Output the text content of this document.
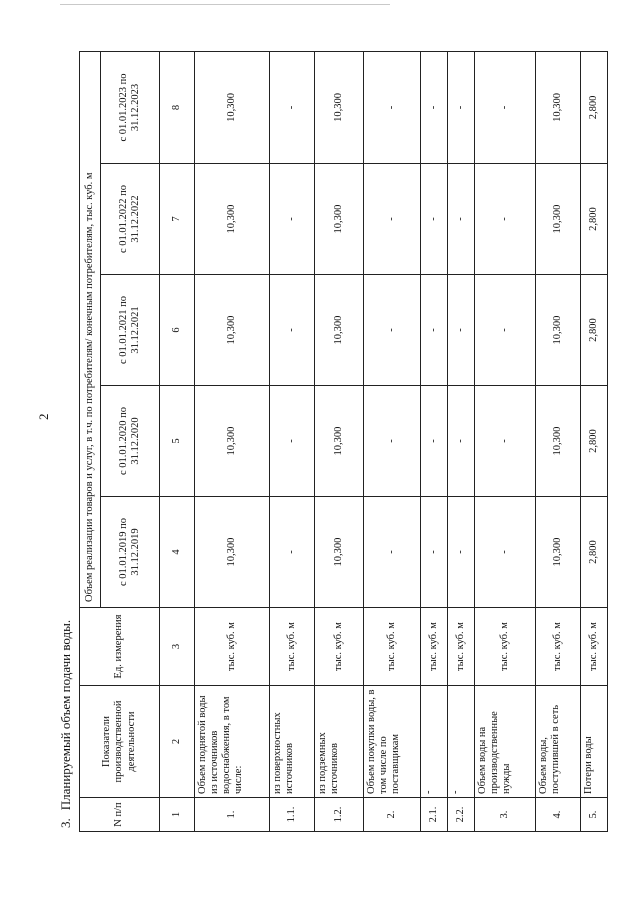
2
3.Планируемый объем подачи воды.
N п/п	Показатели производственной деятельности	Ед. измерения	Объем реализации товаров и услуг, в т.ч. по потребителям/ конечным потребителям, тыс. куб. м				
			с 01.01.2019 по 31.12.2019	с 01.01.2020 по 31.12.2020	с 01.01.2021 по 31.12.2021	с 01.01.2022 по 31.12.2022	с 01.01.2023 по 31.12.2023
1	2	3	4	5	6	7	8
1.	Объем поднятой воды из источников водоснабжения, в том числе:	тыс. куб. м	10,300	10,300	10,300	10,300	10,300
1.1.	из поверхностных источников	тыс. куб. м	-	-	-	-	-
1.2.	из подземных источников	тыс. куб. м	10,300	10,300	10,300	10,300	10,300
2.	Объем покупки воды, в том числе по поставщикам	тыс. куб. м	-	-	-	-	-
2.1.	-	тыс. куб. м	-	-	-	-	-
2.2.	-	тыс. куб. м	-	-	-	-	-
3.	Объем воды на производственные нужды	тыс. куб. м	-	-	-	-	-
4.	Объем воды, поступившей в сеть	тыс. куб. м	10,300	10,300	10,300	10,300	10,300
5.	Потери воды	тыс. куб. м	2,800	2,800	2,800	2,800	2,800
